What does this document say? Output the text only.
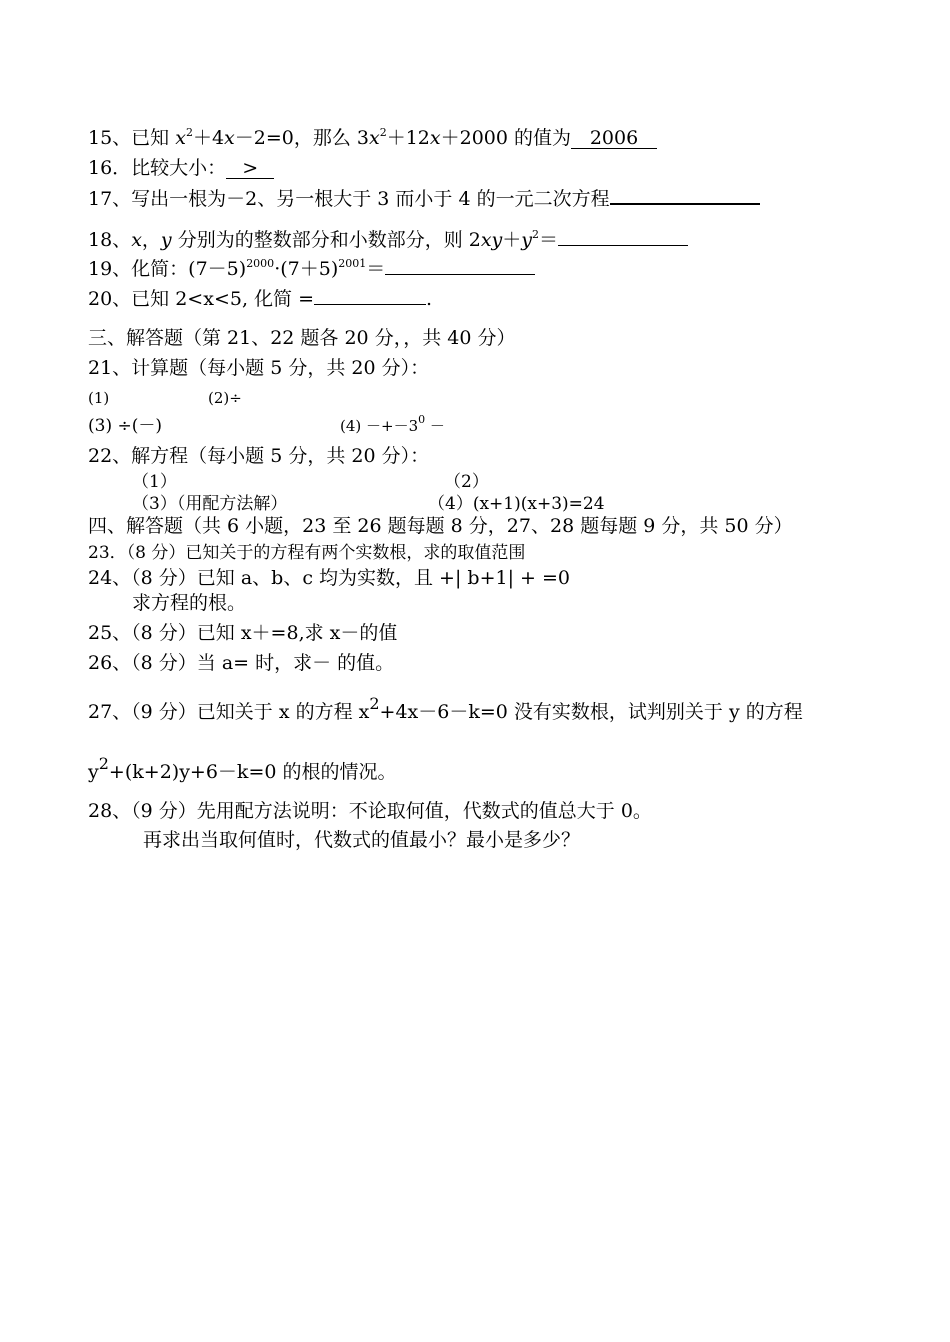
15、已知 $x^2+4x-2=0$，那么 $3x^2+12x+2000$ 的值为 2006
16．比较大小： >
17、写出一根为－2、另一根大于 3 而小于 4 的一元二次方程
18、x，y 分别为的整数部分和小数部分，则 $2xy+y^2=$
19、化简：$(7-5)^{2000}\cdot(7+5)^{2001}=$
20、已知 2<x<5, 化简 =	.
三、解答题（第 21、22 题各 20 分，，共 40 分）
21、计算题（每小题 5 分，共 20 分）：
(1)	(2)÷
(3) ÷(－)	$(4) -+-3^0$ －
22、解方程（每小题 5 分，共 20 分）：
（1）	（2）
（3）（用配方法解）	（4）(x+1)(x+3)=24
四、解答题（共 6 小题，23 至 26 题每题 8 分，27、28 题每题 9 分，共 50 分）
23．（8 分）已知关于的方程有两个实数根，求的取值范围
24、（8 分）已知 a、b、c 均为实数，且 +| b+1| + =0
求方程的根。
25、（8 分）已知 x＋=8,求 x－的值
26、（8 分）当 a= 时，求－ 的值。
27、（9 分）已知关于 x 的方程 $x^2+4x-6-k=0$ 没有实数根，试判别关于 y 的方程
$y^2+(k+2)y+6-k=0$ 的根的情况。
28、（9 分）先用配方法说明：不论取何值，代数式的值总大于 0。
再求出当取何值时，代数式的值最小？最小是多少？
